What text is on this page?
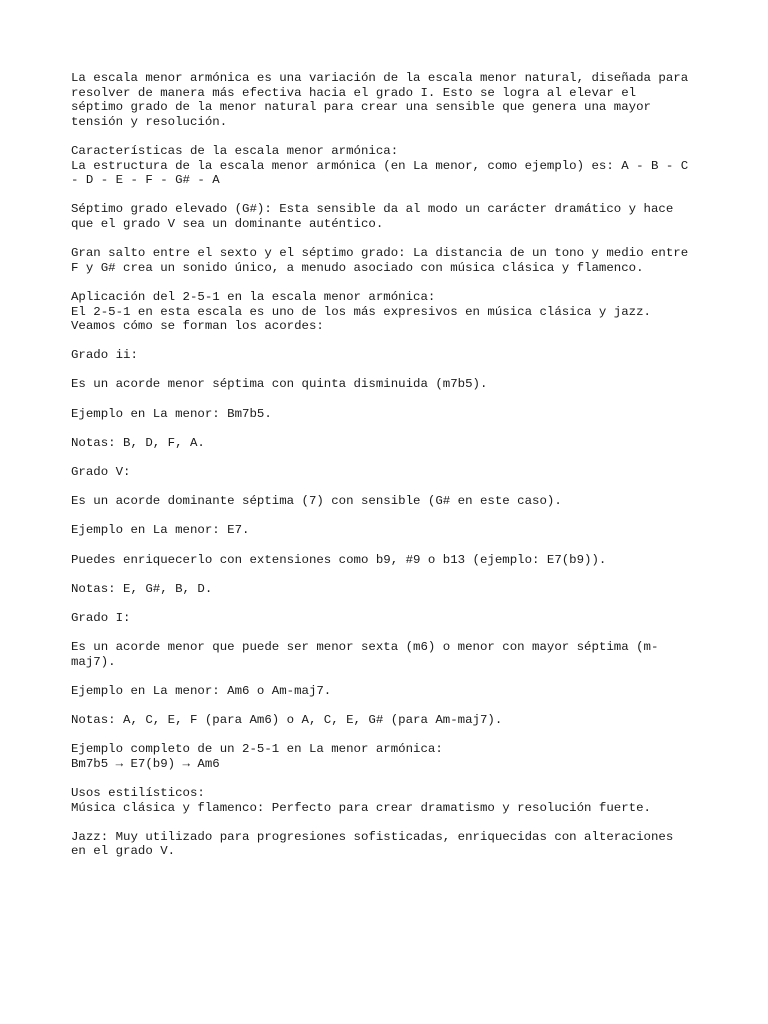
La escala menor armónica es una variación de la escala menor natural, diseñada para
resolver de manera más efectiva hacia el grado I. Esto se logra al elevar el
séptimo grado de la menor natural para crear una sensible que genera una mayor
tensión y resolución.

Características de la escala menor armónica:
La estructura de la escala menor armónica (en La menor, como ejemplo) es: A - B - C
- D - E - F - G# - A

Séptimo grado elevado (G#): Esta sensible da al modo un carácter dramático y hace
que el grado V sea un dominante auténtico.

Gran salto entre el sexto y el séptimo grado: La distancia de un tono y medio entre
F y G# crea un sonido único, a menudo asociado con música clásica y flamenco.

Aplicación del 2-5-1 en la escala menor armónica:
El 2-5-1 en esta escala es uno de los más expresivos en música clásica y jazz.
Veamos cómo se forman los acordes:

Grado ii:

Es un acorde menor séptima con quinta disminuida (m7b5).

Ejemplo en La menor: Bm7b5.

Notas: B, D, F, A.

Grado V:

Es un acorde dominante séptima (7) con sensible (G# en este caso).

Ejemplo en La menor: E7.

Puedes enriquecerlo con extensiones como b9, #9 o b13 (ejemplo: E7(b9)).

Notas: E, G#, B, D.

Grado I:

Es un acorde menor que puede ser menor sexta (m6) o menor con mayor séptima (m-
maj7).

Ejemplo en La menor: Am6 o Am-maj7.

Notas: A, C, E, F (para Am6) o A, C, E, G# (para Am-maj7).

Ejemplo completo de un 2-5-1 en La menor armónica:
Bm7b5 → E7(b9) → Am6

Usos estilísticos:
Música clásica y flamenco: Perfecto para crear dramatismo y resolución fuerte.

Jazz: Muy utilizado para progresiones sofisticadas, enriquecidas con alteraciones
en el grado V.
